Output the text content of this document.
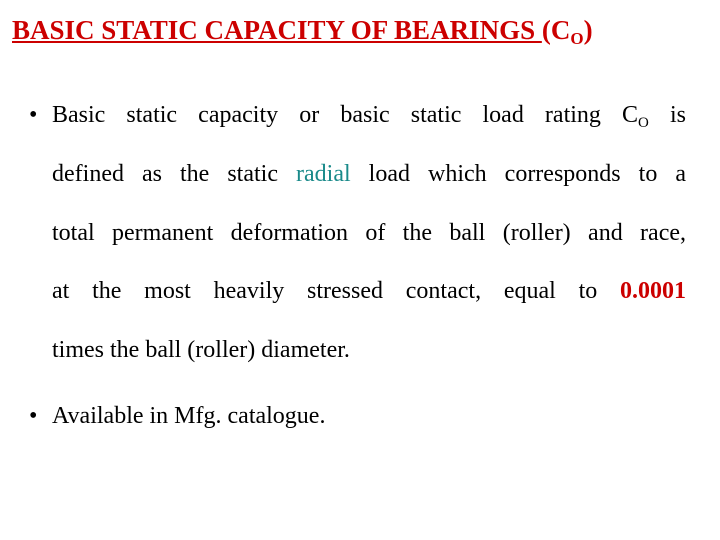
BASIC STATIC CAPACITY OF BEARINGS $(C_O)$
• Basic static capacity or basic static load rating $C_O$ is
defined as the static radial load which corresponds to a
total permanent deformation of the ball (roller) and race,
at the most heavily stressed contact, equal to 0.0001
times the ball (roller) diameter.
• Available in Mfg. catalogue.
